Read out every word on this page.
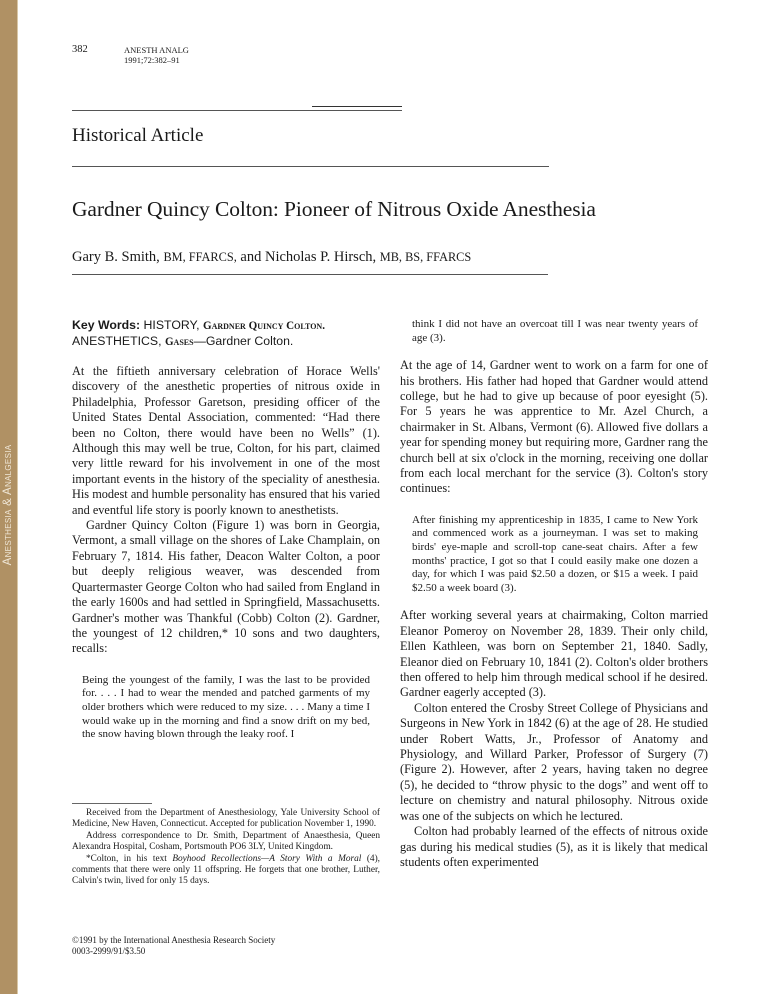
Anesthesia & Analgesia
382	ANESTH ANALG
1991;72:382–91
Historical Article
Gardner Quincy Colton: Pioneer of Nitrous Oxide Anesthesia
Gary B. Smith, BM, FFARCS, and Nicholas P. Hirsch, MB, BS, FFARCS
Key Words: HISTORY, Gardner Quincy Colton.
ANESTHETICS, Gases—Gardner Colton.

At the fiftieth anniversary celebration of Horace Wells' discovery of the anesthetic properties of nitrous oxide in Philadelphia, Professor Garetson, presiding officer of the United States Dental Association, commented: “Had there been no Colton, there would have been no Wells” (1). Although this may well be true, Colton, for his part, claimed very little reward for his involvement in one of the most important events in the history of the speciality of anesthesia. His modest and humble personality has ensured that his varied and eventful life story is poorly known to anesthetists.

Gardner Quincy Colton (Figure 1) was born in Georgia, Vermont, a small village on the shores of Lake Champlain, on February 7, 1814. His father, Deacon Walter Colton, a poor but deeply religious weaver, was descended from Quartermaster George Colton who had sailed from England in the early 1600s and had settled in Springfield, Massachusetts. Gardner's mother was Thankful (Cobb) Colton (2). Gardner, the youngest of 12 children,* 10 sons and two daughters, recalls:

Being the youngest of the family, I was the last to be provided for. . . . I had to wear the mended and patched garments of my older brothers which were reduced to my size. . . . Many a time I would wake up in the morning and find a snow drift on my bed, the snow having blown through the leaky roof. I

Received from the Department of Anesthesiology, Yale University School of Medicine, New Haven, Connecticut. Accepted for publication November 1, 1990.

Address correspondence to Dr. Smith, Department of Anaesthesia, Queen Alexandra Hospital, Cosham, Portsmouth PO6 3LY, United Kingdom.

*Colton, in his text Boyhood Recollections—A Story With a Moral (4), comments that there were only 11 offspring. He forgets that one brother, Luther, Calvin's twin, lived for only 15 days.

©1991 by the International Anesthesia Research Society
0003-2999/91/$3.50

think I did not have an overcoat till I was near twenty years of age (3).

At the age of 14, Gardner went to work on a farm for one of his brothers. His father had hoped that Gardner would attend college, but he had to give up because of poor eyesight (5). For 5 years he was apprentice to Mr. Azel Church, a chairmaker in St. Albans, Vermont (6). Allowed five dollars a year for spending money but requiring more, Gardner rang the church bell at six o'clock in the morning, receiving one dollar from each local merchant for the service (3). Colton's story continues:

After finishing my apprenticeship in 1835, I came to New York and commenced work as a journeyman. I was set to making birds' eye-maple and scroll-top cane-seat chairs. After a few months' practice, I got so that I could easily make one dozen a day, for which I was paid $2.50 a dozen, or $15 a week. I paid $2.50 a week board (3).

After working several years at chairmaking, Colton married Eleanor Pomeroy on November 28, 1839. Their only child, Ellen Kathleen, was born on September 21, 1840. Sadly, Eleanor died on February 10, 1841 (2). Colton's older brothers then offered to help him through medical school if he desired. Gardner eagerly accepted (3).

Colton entered the Crosby Street College of Physicians and Surgeons in New York in 1842 (6) at the age of 28. He studied under Robert Watts, Jr., Professor of Anatomy and Physiology, and Willard Parker, Professor of Surgery (7) (Figure 2). However, after 2 years, having taken no degree (5), he decided to “throw physic to the dogs” and went off to lecture on chemistry and natural philosophy. Nitrous oxide was one of the subjects on which he lectured.

Colton had probably learned of the effects of nitrous oxide gas during his medical studies (5), as it is likely that medical students often experimented
